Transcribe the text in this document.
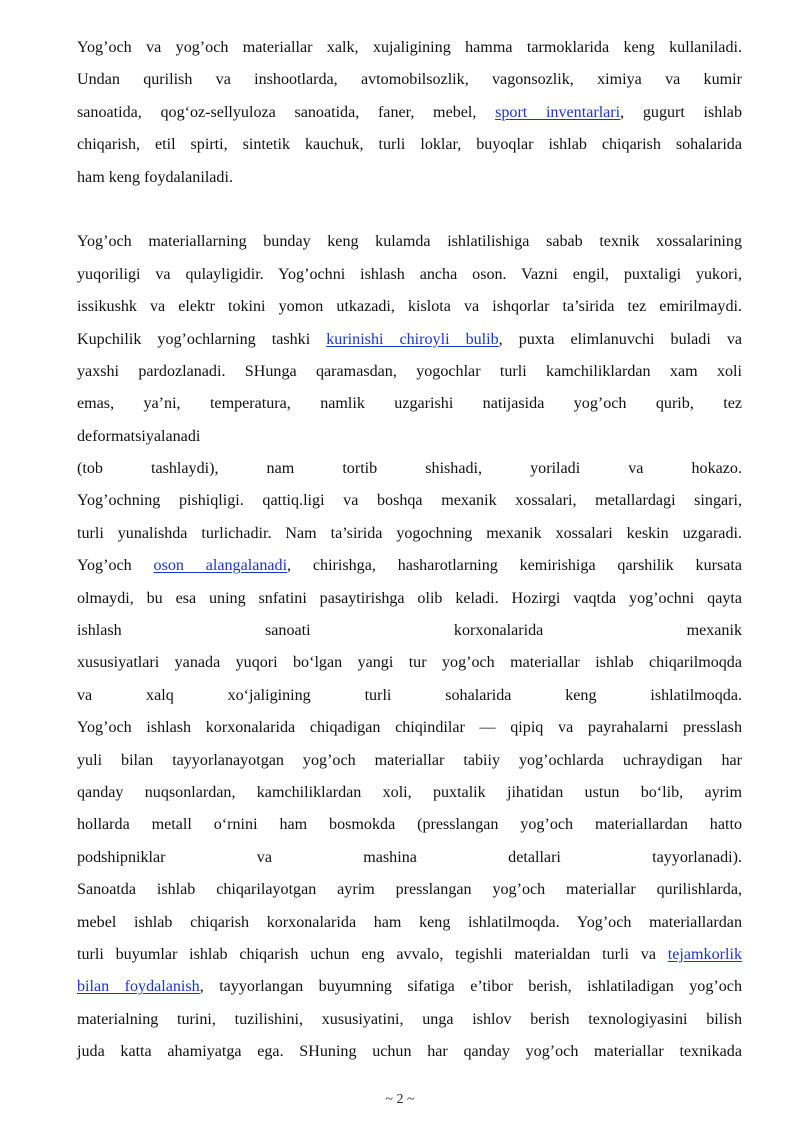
Yog’och va yog’och materiallar xalk, xujaligining hamma tarmoklarida keng kullaniladi.
Undan qurilish va inshootlarda, avtomobilsozlik, vagonsozlik, ximiya va kumir
sanoatida, qog‘oz-sellyuloza sanoatida, faner, mebel, sport inventarlari, gugurt ishlab
chiqarish, etil spirti, sintetik kauchuk, turli loklar, buyoqlar ishlab chiqarish sohalarida
ham keng foydalaniladi.
Yog’och materiallarning bunday keng kulamda ishlatilishiga sabab texnik xossalarining
yuqoriligi va qulayligidir. Yog’ochni ishlash ancha oson. Vazni engil, puxtaligi yukori,
issikushk va elektr tokini yomon utkazadi, kislota va ishqorlar ta’sirida tez emirilmaydi.
Kupchilik yog’ochlarning tashki kurinishi chiroyli bulib, puxta elimlanuvchi buladi va
yaxshi pardozlanadi. SHunga qaramasdan, yogochlar turli kamchiliklardan xam xoli
emas, ya’ni, temperatura, namlik uzgarishi natijasida yog’och qurib, tez
deformatsiyalanadi
(tob tashlaydi), nam tortib shishadi, yoriladi va hokazo.
Yog’ochning pishiqligi. qattiq.ligi va boshqa mexanik xossalari, metallardagi singari,
turli yunalishda turlichadir. Nam ta’sirida yogochning mexanik xossalari keskin uzgaradi.
Yog’och oson alangalanadi, chirishga, hasharotlarning kemirishiga qarshilik kursata
olmaydi, bu esa uning snfatini pasaytirishga olib keladi. Hozirgi vaqtda yog’ochni qayta
ishlash sanoati korxonalarida mexanik
xususiyatlari yanada yuqori bo‘lgan yangi tur yog’och materiallar ishlab chiqarilmoqda
va xalq xo‘jaligining turli sohalarida keng ishlatilmoqda.
Yog’och ishlash korxonalarida chiqadigan chiqindilar — qipiq va payrahalarni presslash
yuli bilan tayyorlanayotgan yog’och materiallar tabiiy yog’ochlarda uchraydigan har
qanday nuqsonlardan, kamchiliklardan xoli, puxtalik jihatidan ustun bo‘lib, ayrim
hollarda metall o‘rnini ham bosmokda (presslangan yog’och materiallardan hatto
podshipniklar va mashina detallari tayyorlanadi).
Sanoatda ishlab chiqarilayotgan ayrim presslangan yog’och materiallar qurilishlarda,
mebel ishlab chiqarish korxonalarida ham keng ishlatilmoqda. Yog’och materiallardan
turli buyumlar ishlab chiqarish uchun eng avvalo, tegishli materialdan turli va tejamkorlik
bilan foydalanish, tayyorlangan buyumning sifatiga e’tibor berish, ishlatiladigan yog’och
materialning turini, tuzilishini, xususiyatini, unga ishlov berish texnologiyasini bilish
juda katta ahamiyatga ega. SHuning uchun har qanday yog’och materiallar texnikada
~ 2 ~
